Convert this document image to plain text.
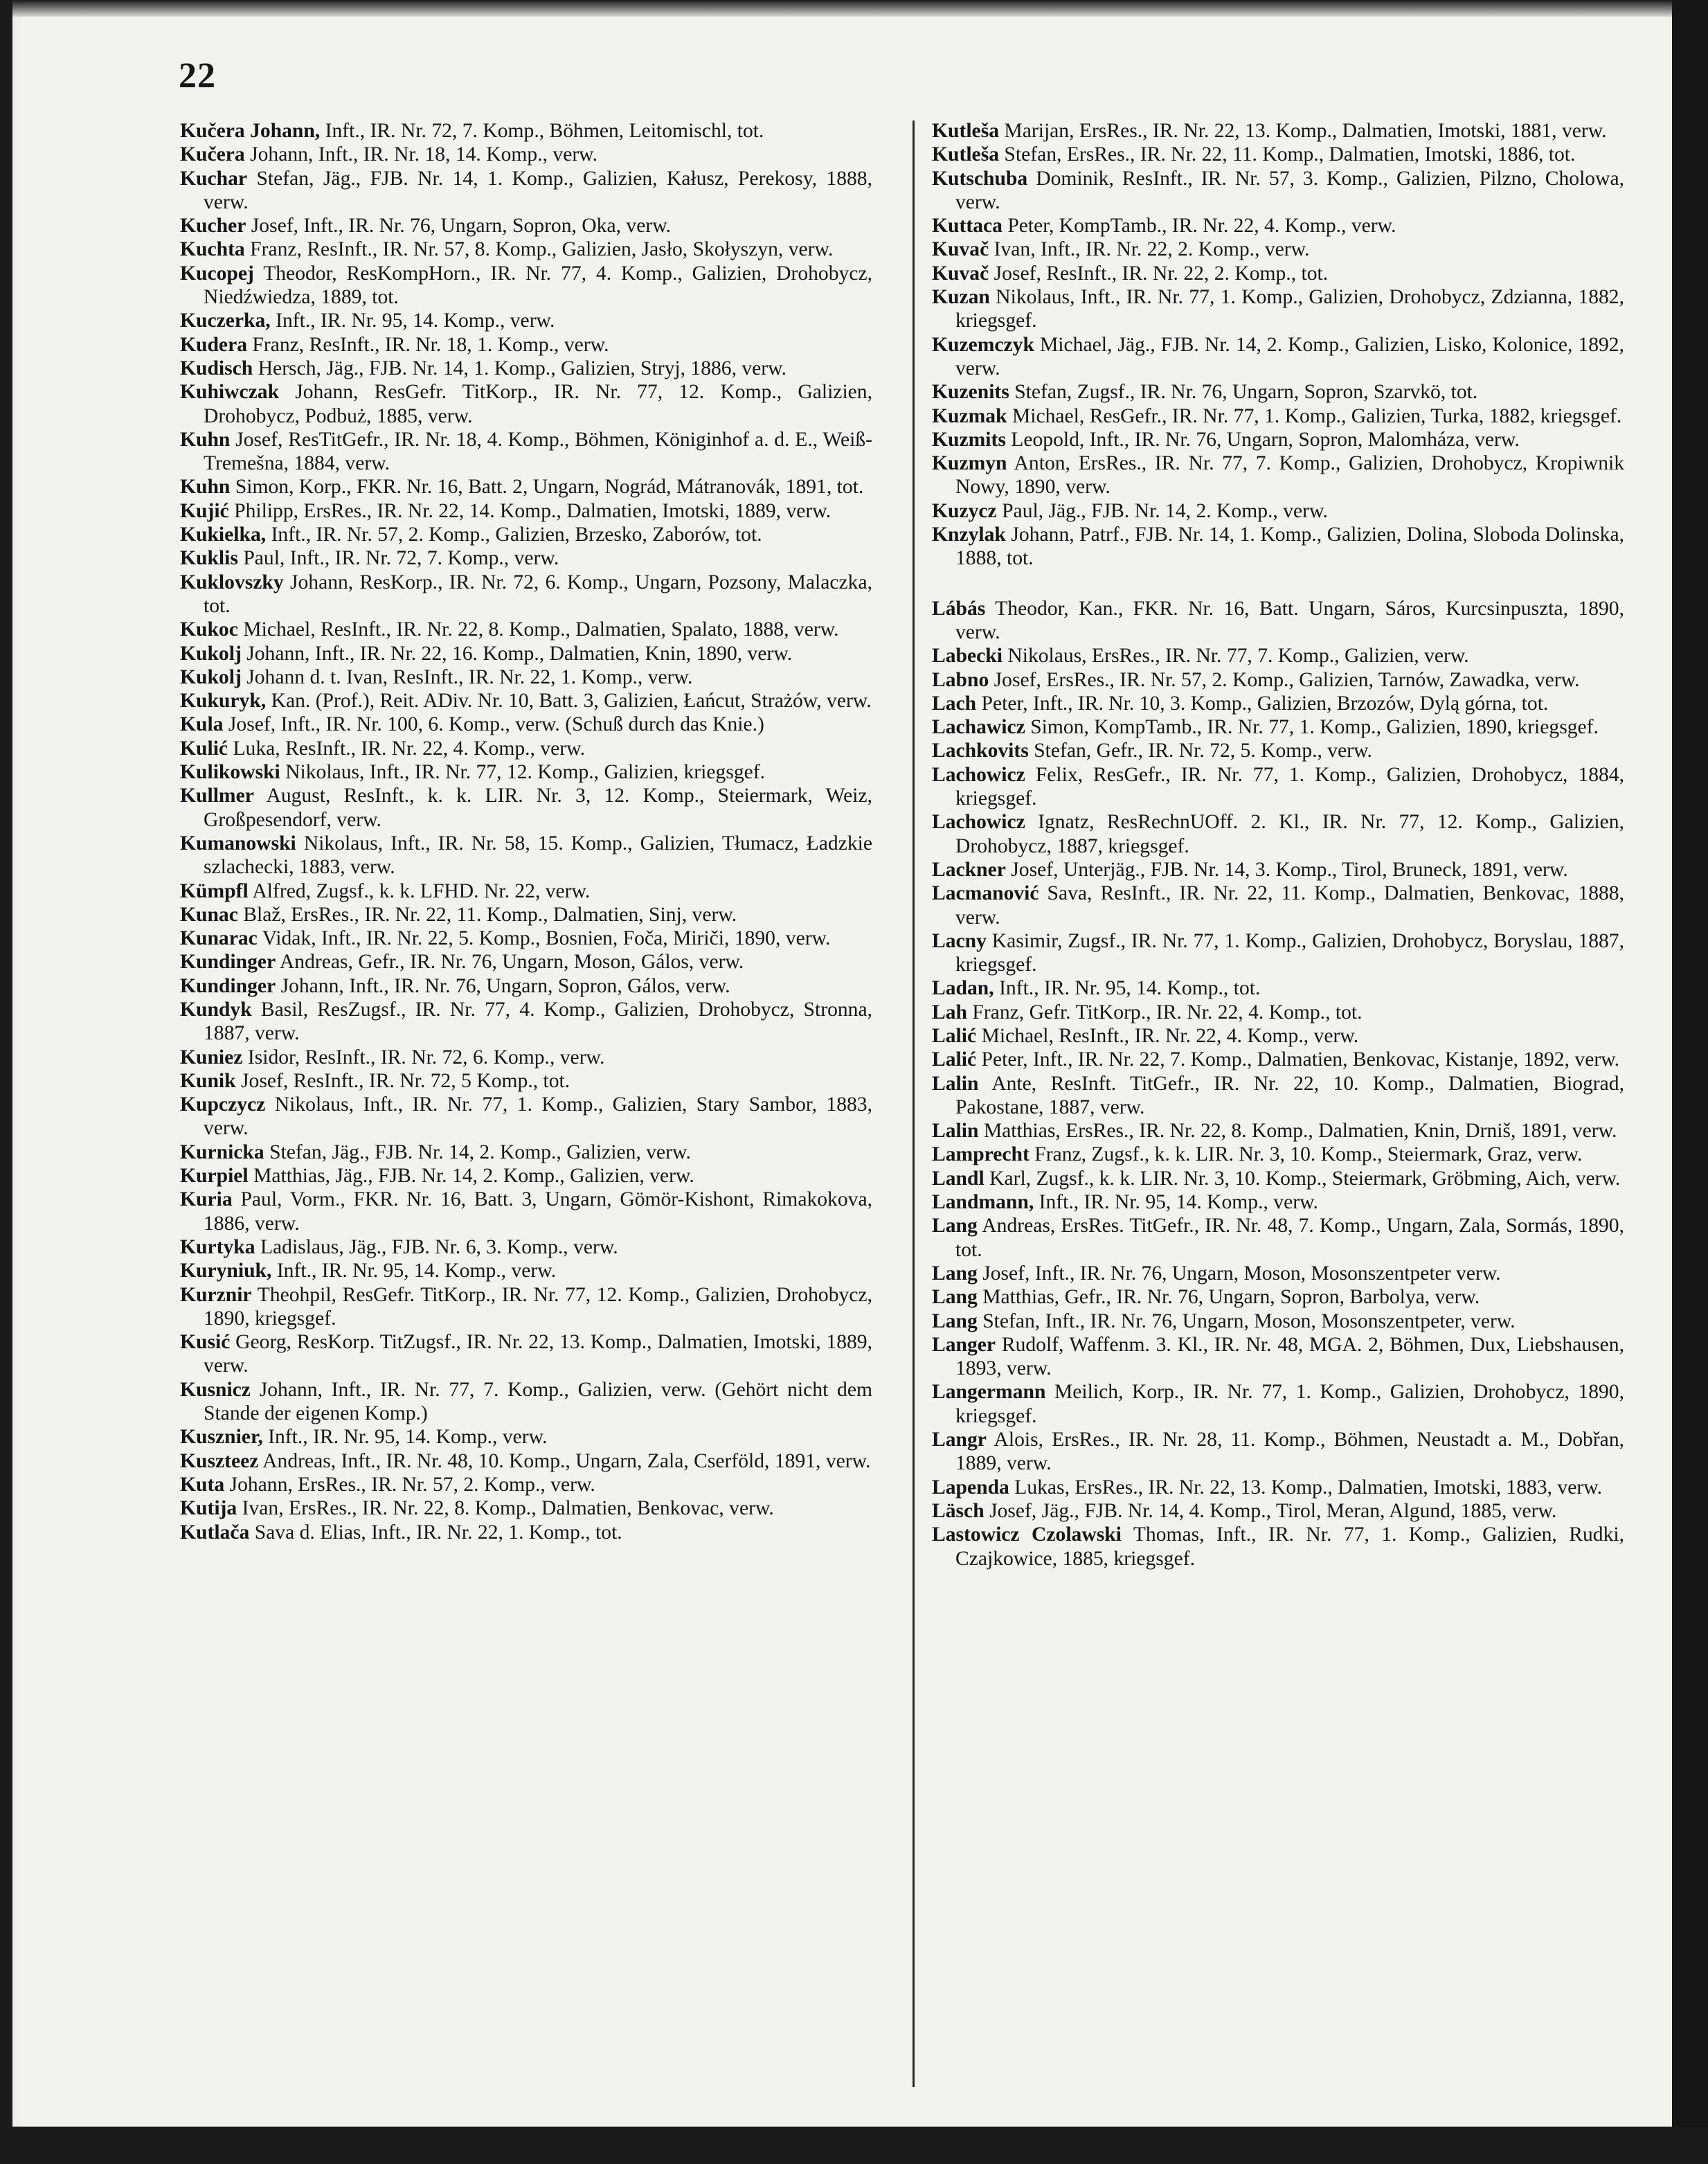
22

Kučera Johann, Inft., IR. Nr. 72, 7. Komp., Böhmen, Leitomischl, tot.

Kučera Johann, Inft., IR. Nr. 18, 14. Komp., verw.

Kuchar Stefan, Jäg., FJB. Nr. 14, 1. Komp., Galizien, Kałusz, Perekosy, 1888, verw.

Kucher Josef, Inft., IR. Nr. 76, Ungarn, Sopron, Oka, verw.

Kuchta Franz, ResInft., IR. Nr. 57, 8. Komp., Galizien, Jasło, Skołyszyn, verw.

Kucopej Theodor, ResKompHorn., IR. Nr. 77, 4. Komp., Galizien, Drohobycz, Niedźwiedza, 1889, tot.

Kuczerka, Inft., IR. Nr. 95, 14. Komp., verw.

Kudera Franz, ResInft., IR. Nr. 18, 1. Komp., verw.

Kudisch Hersch, Jäg., FJB. Nr. 14, 1. Komp., Galizien, Stryj, 1886, verw.

Kuhiwczak Johann, ResGefr. TitKorp., IR. Nr. 77, 12. Komp., Galizien, Drohobycz, Podbuż, 1885, verw.

Kuhn Josef, ResTitGefr., IR. Nr. 18, 4. Komp., Böhmen, Königinhof a. d. E., Weiß-Tremešna, 1884, verw.

Kuhn Simon, Korp., FKR. Nr. 16, Batt. 2, Ungarn, Nográd, Mátranovák, 1891, tot.

Kujić Philipp, ErsRes., IR. Nr. 22, 14. Komp., Dalmatien, Imotski, 1889, verw.

Kukielka, Inft., IR. Nr. 57, 2. Komp., Galizien, Brzesko, Zaborów, tot.

Kuklis Paul, Inft., IR. Nr. 72, 7. Komp., verw.

Kuklovszky Johann, ResKorp., IR. Nr. 72, 6. Komp., Ungarn, Pozsony, Malaczka, tot.

Kukoc Michael, ResInft., IR. Nr. 22, 8. Komp., Dalmatien, Spalato, 1888, verw.

Kukolj Johann, Inft., IR. Nr. 22, 16. Komp., Dalmatien, Knin, 1890, verw.

Kukolj Johann d. t. Ivan, ResInft., IR. Nr. 22, 1. Komp., verw.

Kukuryk, Kan. (Prof.), Reit. ADiv. Nr. 10, Batt. 3, Galizien, Łańcut, Strażów, verw.

Kula Josef, Inft., IR. Nr. 100, 6. Komp., verw. (Schuß durch das Knie.)

Kulić Luka, ResInft., IR. Nr. 22, 4. Komp., verw.

Kulikowski Nikolaus, Inft., IR. Nr. 77, 12. Komp., Galizien, kriegsgef.

Kullmer August, ResInft., k. k. LIR. Nr. 3, 12. Komp., Steiermark, Weiz, Großpesendorf, verw.

Kumanowski Nikolaus, Inft., IR. Nr. 58, 15. Komp., Galizien, Tłumacz, Ładzkie szlachecki, 1883, verw.

Kümpfl Alfred, Zugsf., k. k. LFHD. Nr. 22, verw.

Kunac Blaž, ErsRes., IR. Nr. 22, 11. Komp., Dalmatien, Sinj, verw.

Kunarac Vidak, Inft., IR. Nr. 22, 5. Komp., Bosnien, Foča, Miriči, 1890, verw.

Kundinger Andreas, Gefr., IR. Nr. 76, Ungarn, Moson, Gálos, verw.

Kundinger Johann, Inft., IR. Nr. 76, Ungarn, Sopron, Gálos, verw.

Kundyk Basil, ResZugsf., IR. Nr. 77, 4. Komp., Galizien, Drohobycz, Stronna, 1887, verw.

Kuniez Isidor, ResInft., IR. Nr. 72, 6. Komp., verw.

Kunik Josef, ResInft., IR. Nr. 72, 5 Komp., tot.

Kupczycz Nikolaus, Inft., IR. Nr. 77, 1. Komp., Galizien, Stary Sambor, 1883, verw.

Kurnicka Stefan, Jäg., FJB. Nr. 14, 2. Komp., Galizien, verw.

Kurpiel Matthias, Jäg., FJB. Nr. 14, 2. Komp., Galizien, verw.

Kuria Paul, Vorm., FKR. Nr. 16, Batt. 3, Ungarn, Gömör-Kishont, Rimakokova, 1886, verw.

Kurtyka Ladislaus, Jäg., FJB. Nr. 6, 3. Komp., verw.

Kuryniuk, Inft., IR. Nr. 95, 14. Komp., verw.

Kurznir Theohpil, ResGefr. TitKorp., IR. Nr. 77, 12. Komp., Galizien, Drohobycz, 1890, kriegsgef.

Kusić Georg, ResKorp. TitZugsf., IR. Nr. 22, 13. Komp., Dalmatien, Imotski, 1889, verw.

Kusnicz Johann, Inft., IR. Nr. 77, 7. Komp., Galizien, verw. (Gehört nicht dem Stande der eigenen Komp.)

Kusznier, Inft., IR. Nr. 95, 14. Komp., verw.

Kuszteez Andreas, Inft., IR. Nr. 48, 10. Komp., Ungarn, Zala, Cserföld, 1891, verw.

Kuta Johann, ErsRes., IR. Nr. 57, 2. Komp., verw.

Kutija Ivan, ErsRes., IR. Nr. 22, 8. Komp., Dalmatien, Benkovac, verw.

Kutlača Sava d. Elias, Inft., IR. Nr. 22, 1. Komp., tot.

Kutleša Marijan, ErsRes., IR. Nr. 22, 13. Komp., Dalmatien, Imotski, 1881, verw.

Kutleša Stefan, ErsRes., IR. Nr. 22, 11. Komp., Dalmatien, Imotski, 1886, tot.

Kutschuba Dominik, ResInft., IR. Nr. 57, 3. Komp., Galizien, Pilzno, Cholowa, verw.

Kuttaca Peter, KompTamb., IR. Nr. 22, 4. Komp., verw.

Kuvač Ivan, Inft., IR. Nr. 22, 2. Komp., verw.

Kuvač Josef, ResInft., IR. Nr. 22, 2. Komp., tot.

Kuzan Nikolaus, Inft., IR. Nr. 77, 1. Komp., Galizien, Drohobycz, Zdzianna, 1882, kriegsgef.

Kuzemczyk Michael, Jäg., FJB. Nr. 14, 2. Komp., Galizien, Lisko, Kolonice, 1892, verw.

Kuzenits Stefan, Zugsf., IR. Nr. 76, Ungarn, Sopron, Szarvkö, tot.

Kuzmak Michael, ResGefr., IR. Nr. 77, 1. Komp., Galizien, Turka, 1882, kriegsgef.

Kuzmits Leopold, Inft., IR. Nr. 76, Ungarn, Sopron, Malomháza, verw.

Kuzmyn Anton, ErsRes., IR. Nr. 77, 7. Komp., Galizien, Drohobycz, Kropiwnik Nowy, 1890, verw.

Kuzycz Paul, Jäg., FJB. Nr. 14, 2. Komp., verw.

Knzylak Johann, Patrf., FJB. Nr. 14, 1. Komp., Galizien, Dolina, Sloboda Dolinska, 1888, tot.

Lábás Theodor, Kan., FKR. Nr. 16, Batt. Ungarn, Sáros, Kurcsinpuszta, 1890, verw.

Labecki Nikolaus, ErsRes., IR. Nr. 77, 7. Komp., Galizien, verw.

Labno Josef, ErsRes., IR. Nr. 57, 2. Komp., Galizien, Tarnów, Zawadka, verw.

Lach Peter, Inft., IR. Nr. 10, 3. Komp., Galizien, Brzozów, Dylą górna, tot.

Lachawicz Simon, KompTamb., IR. Nr. 77, 1. Komp., Galizien, 1890, kriegsgef.

Lachkovits Stefan, Gefr., IR. Nr. 72, 5. Komp., verw.

Lachowicz Felix, ResGefr., IR. Nr. 77, 1. Komp., Galizien, Drohobycz, 1884, kriegsgef.

Lachowicz Ignatz, ResRechnUOff. 2. Kl., IR. Nr. 77, 12. Komp., Galizien, Drohobycz, 1887, kriegsgef.

Lackner Josef, Unterjäg., FJB. Nr. 14, 3. Komp., Tirol, Bruneck, 1891, verw.

Lacmanović Sava, ResInft., IR. Nr. 22, 11. Komp., Dalmatien, Benkovac, 1888, verw.

Lacny Kasimir, Zugsf., IR. Nr. 77, 1. Komp., Galizien, Drohobycz, Boryslau, 1887, kriegsgef.

Ladan, Inft., IR. Nr. 95, 14. Komp., tot.

Lah Franz, Gefr. TitKorp., IR. Nr. 22, 4. Komp., tot.

Lalić Michael, ResInft., IR. Nr. 22, 4. Komp., verw.

Lalić Peter, Inft., IR. Nr. 22, 7. Komp., Dalmatien, Benkovac, Kistanje, 1892, verw.

Lalin Ante, ResInft. TitGefr., IR. Nr. 22, 10. Komp., Dalmatien, Biograd, Pakostane, 1887, verw.

Lalin Matthias, ErsRes., IR. Nr. 22, 8. Komp., Dalmatien, Knin, Drniš, 1891, verw.

Lamprecht Franz, Zugsf., k. k. LIR. Nr. 3, 10. Komp., Steiermark, Graz, verw.

Landl Karl, Zugsf., k. k. LIR. Nr. 3, 10. Komp., Steiermark, Gröbming, Aich, verw.

Landmann, Inft., IR. Nr. 95, 14. Komp., verw.

Lang Andreas, ErsRes. TitGefr., IR. Nr. 48, 7. Komp., Ungarn, Zala, Sormás, 1890, tot.

Lang Josef, Inft., IR. Nr. 76, Ungarn, Moson, Mosonszentpeter verw.

Lang Matthias, Gefr., IR. Nr. 76, Ungarn, Sopron, Barbolya, verw.

Lang Stefan, Inft., IR. Nr. 76, Ungarn, Moson, Mosonszentpeter, verw.

Langer Rudolf, Waffenm. 3. Kl., IR. Nr. 48, MGA. 2, Böhmen, Dux, Liebshausen, 1893, verw.

Langermann Meilich, Korp., IR. Nr. 77, 1. Komp., Galizien, Drohobycz, 1890, kriegsgef.

Langr Alois, ErsRes., IR. Nr. 28, 11. Komp., Böhmen, Neustadt a. M., Dobřan, 1889, verw.

Lapenda Lukas, ErsRes., IR. Nr. 22, 13. Komp., Dalmatien, Imotski, 1883, verw.

Läsch Josef, Jäg., FJB. Nr. 14, 4. Komp., Tirol, Meran, Algund, 1885, verw.

Lastowicz Czolawski Thomas, Inft., IR. Nr. 77, 1. Komp., Galizien, Rudki, Czajkowice, 1885, kriegsgef.
